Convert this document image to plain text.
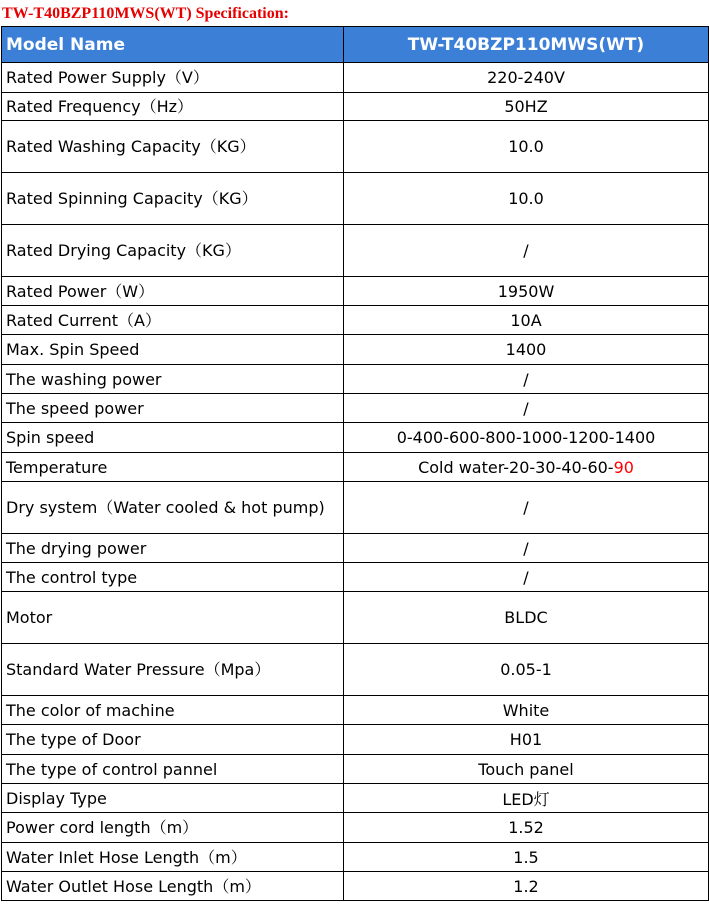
TW-T40BZP110MWS(WT) Specification:
Model Name	TW-T40BZP110MWS(WT)
Rated Power Supply（V）	220-240V
Rated Frequency（Hz）	50HZ
Rated Washing Capacity（KG）	10.0
Rated Spinning Capacity（KG）	10.0
Rated Drying Capacity（KG）	/
Rated Power（W）	1950W
Rated Current（A）	10A
Max. Spin Speed	1400
The washing power	/
The speed power	/
Spin speed	0-400-600-800-1000-1200-1400
Temperature	Cold water-20-30-40-60-90
Dry system（Water cooled & hot pump)	/
The drying power	/
The control type	/
Motor	BLDC
Standard Water Pressure（Mpa）	0.05-1
The color of machine	White
The type of Door	H01
The type of control pannel	Touch panel
Display Type	LED灯
Power cord length（m）	1.52
Water Inlet Hose Length（m）	1.5
Water Outlet Hose Length（m）	1.2
